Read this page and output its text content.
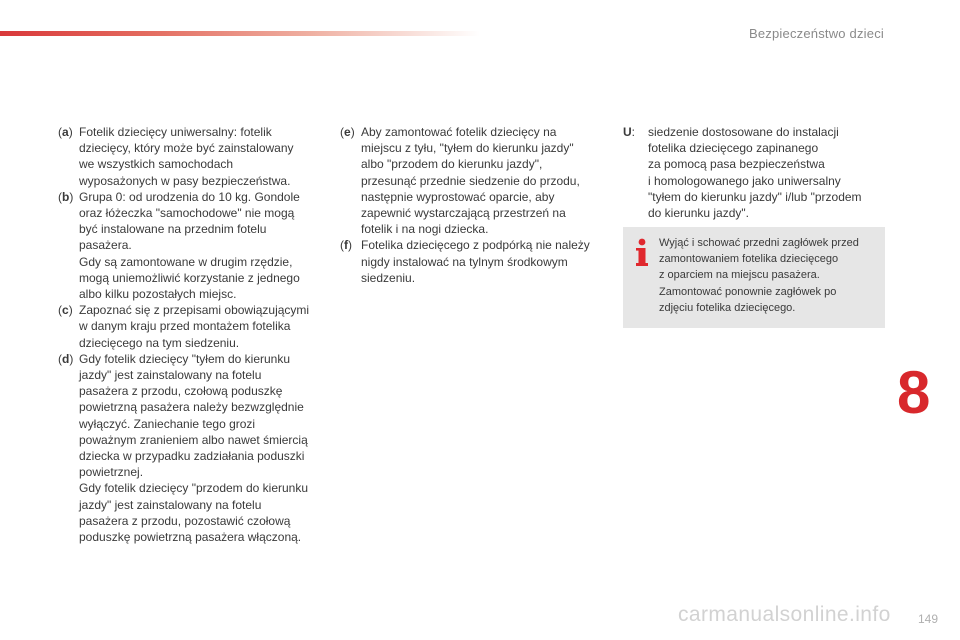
Bezpieczeństwo dzieci
(a) Fotelik dziecięcy uniwersalny: fotelik
dziecięcy, który może być zainstalowany
we wszystkich samochodach
wyposażonych w pasy bezpieczeństwa.
(b) Grupa 0: od urodzenia do 10 kg. Gondole
oraz łóżeczka "samochodowe" nie mogą
być instalowane na przednim fotelu
pasażera.
Gdy są zamontowane w drugim rzędzie,
mogą uniemożliwić korzystanie z jednego
albo kilku pozostałych miejsc.
(c) Zapoznać się z przepisami obowiązującymi
w danym kraju przed montażem fotelika
dziecięcego na tym siedzeniu.
(d) Gdy fotelik dziecięcy "tyłem do kierunku
jazdy" jest zainstalowany na fotelu
pasażera z przodu, czołową poduszkę
powietrzną pasażera należy bezwzględnie
wyłączyć. Zaniechanie tego grozi
poważnym zranieniem albo nawet śmiercią
dziecka w przypadku zadziałania poduszki
powietrznej.
Gdy fotelik dziecięcy "przodem do kierunku
jazdy" jest zainstalowany na fotelu
pasażera z przodu, pozostawić czołową
poduszkę powietrzną pasażera włączoną.
(e) Aby zamontować fotelik dziecięcy na
miejscu z tyłu, "tyłem do kierunku jazdy"
albo "przodem do kierunku jazdy",
przesunąć przednie siedzenie do przodu,
następnie wyprostować oparcie, aby
zapewnić wystarczającą przestrzeń na
fotelik i na nogi dziecka.
(f) Fotelika dziecięcego z podpórką nie należy
nigdy instalować na tylnym środkowym
siedzeniu.
U:	siedzenie dostosowane do instalacji
fotelika dziecięcego zapinanego
za pomocą pasa bezpieczeństwa
i homologowanego jako uniwersalny
"tyłem do kierunku jazdy" i/lub "przodem
do kierunku jazdy".
Wyjąć i schować przedni zagłówek przed
zamontowaniem fotelika dziecięcego
z oparciem na miejscu pasażera.
Zamontować ponownie zagłówek po
zdjęciu fotelika dziecięcego.
8
carmanualsonline.info 149
